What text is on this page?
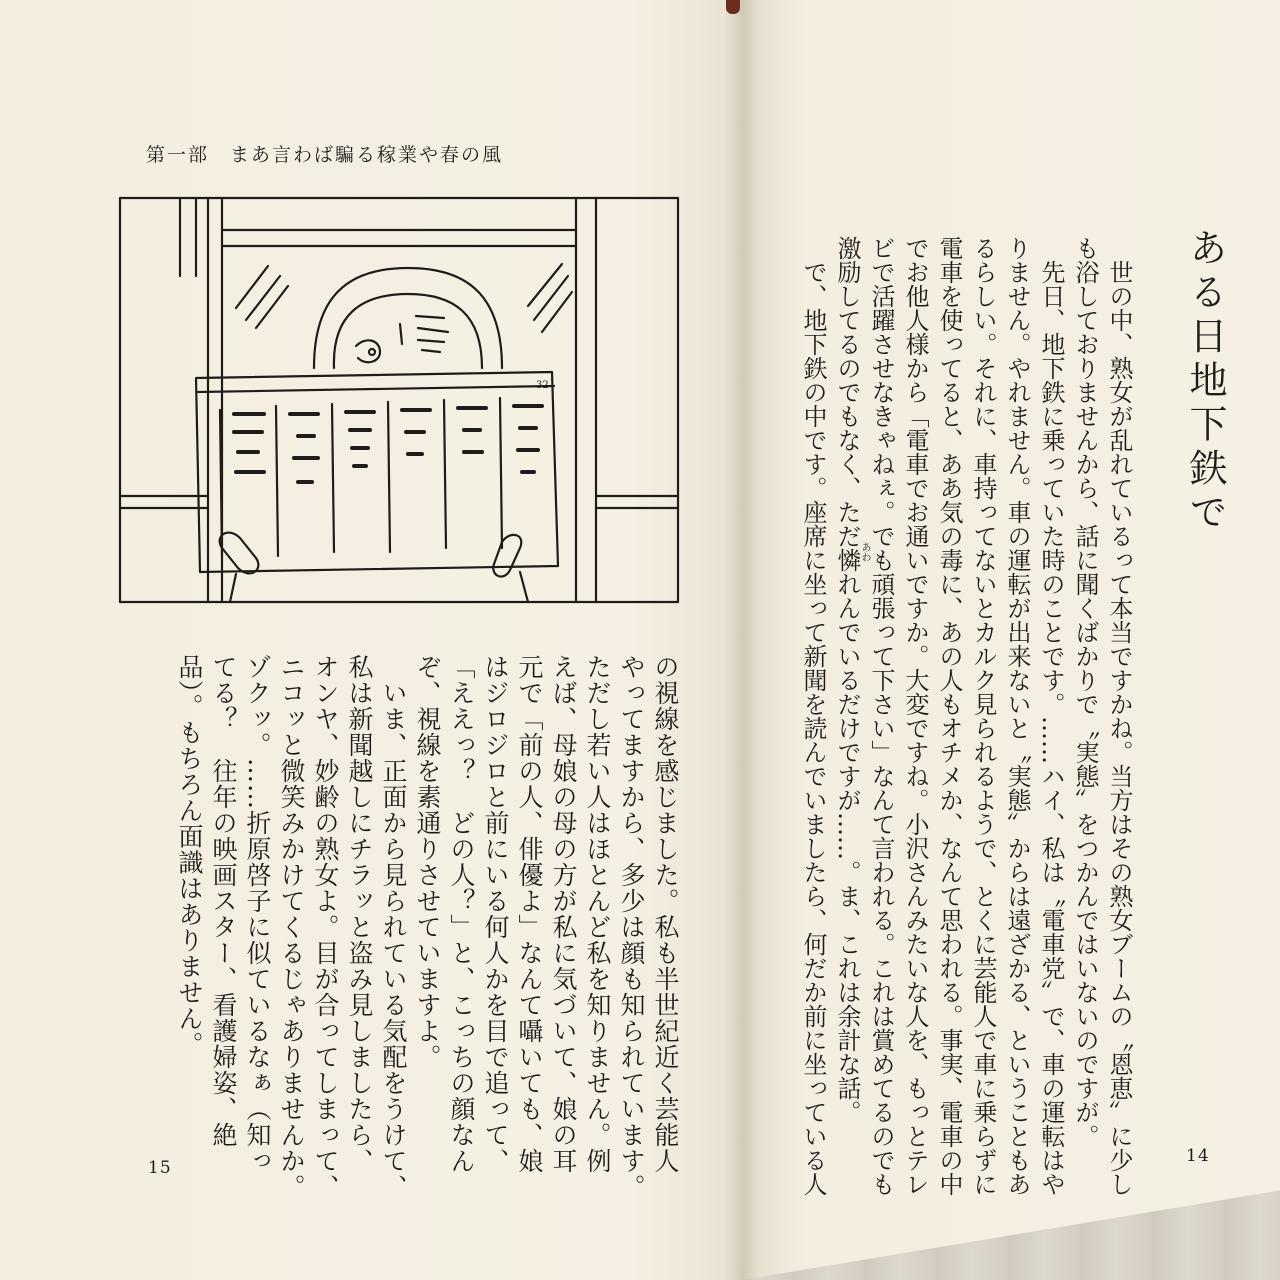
第一部　まあ言わば騙る稼業や春の風
32
の視線を感じました。私も半世紀近く芸能人
やってますから、多少は顔も知られています。
ただし若い人はほとんど私を知りません。例
えば、母娘の母の方が私に気づいて、娘の耳
元で「前の人、俳優よ」なんて囁いても、娘
はジロジロと前にいる何人かを目で追って、
「ええっ？　どの人？」と、こっちの顔なん
ぞ、視線を素通りさせていますよ。
　いま、正面から見られている気配をうけて、
私は新聞越しにチラッと盗み見しましたら、
オンヤ、妙齢の熟女よ。目が合ってしまって、
ニコッと微笑みかけてくるじゃありませんか。
ゾクッ。……折原啓子に似ているなぁ（知っ
てる？　往年の映画スター、看護婦姿、絶
品）。もちろん面識はありません。
15
ある日地下鉄で
　世の中、熟女が乱れているって本当ですかね。当方はその熟女ブームの〝恩恵〟に少し
も浴しておりませんから、話に聞くばかりで〝実態〟をつかんではいないのですが。
　先日、地下鉄に乗っていた時のことです。……ハイ、私は〝電車党〟で、車の運転はや
りません。やれません。車の運転が出来ないと〝実態〟からは遠ざかる、ということもあ
るらしい。それに、車持ってないとカルク見られるようで、とくに芸能人で車に乗らずに
電車を使ってると、ああ気の毒に、あの人もオチメか、なんて思われる。事実、電車の中
でお他人様から「電車でお通いですか。大変ですね。小沢さんみたいな人を、もっとテレ
ビで活躍させなきゃねぇ。でも頑張って下さい」なんて言われる。これは賞めてるのでも
激励してるのでもなく、ただ憐れんでいるだけですが……。ま、これは余計な話。
　で、地下鉄の中です。座席に坐って新聞を読んでいましたら、何だか前に坐っている人	あわ
14
